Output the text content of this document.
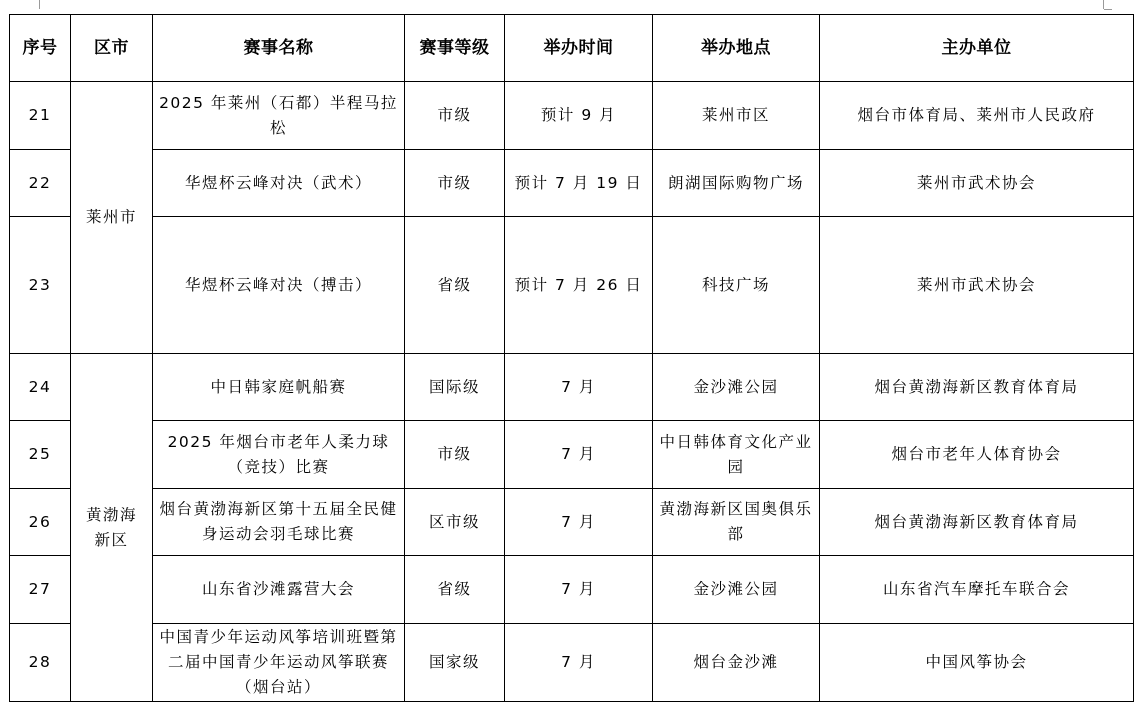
序号	区市	赛事名称	赛事等级	举办时间	举办地点	主办单位
21	莱州市	2025 年莱州（石都）半程马拉松	市级	预计 9 月	莱州市区	烟台市体育局、莱州市人民政府
22		华煜杯云峰对决（武术）	市级	预计 7 月 19 日	朗湖国际购物广场	莱州市武术协会
23		华煜杯云峰对决（搏击）	省级	预计 7 月 26 日	科技广场	莱州市武术协会
24	黄渤海新区	中日韩家庭帆船赛	国际级	7 月	金沙滩公园	烟台黄渤海新区教育体育局
25		2025 年烟台市老年人柔力球（竞技）比赛	市级	7 月	中日韩体育文化产业园	烟台市老年人体育协会
26		烟台黄渤海新区第十五届全民健身运动会羽毛球比赛	区市级	7 月	黄渤海新区国奥俱乐部	烟台黄渤海新区教育体育局
27		山东省沙滩露营大会	省级	7 月	金沙滩公园	山东省汽车摩托车联合会
28		中国青少年运动风筝培训班暨第二届中国青少年运动风筝联赛（烟台站）	国家级	7 月	烟台金沙滩	中国风筝协会
